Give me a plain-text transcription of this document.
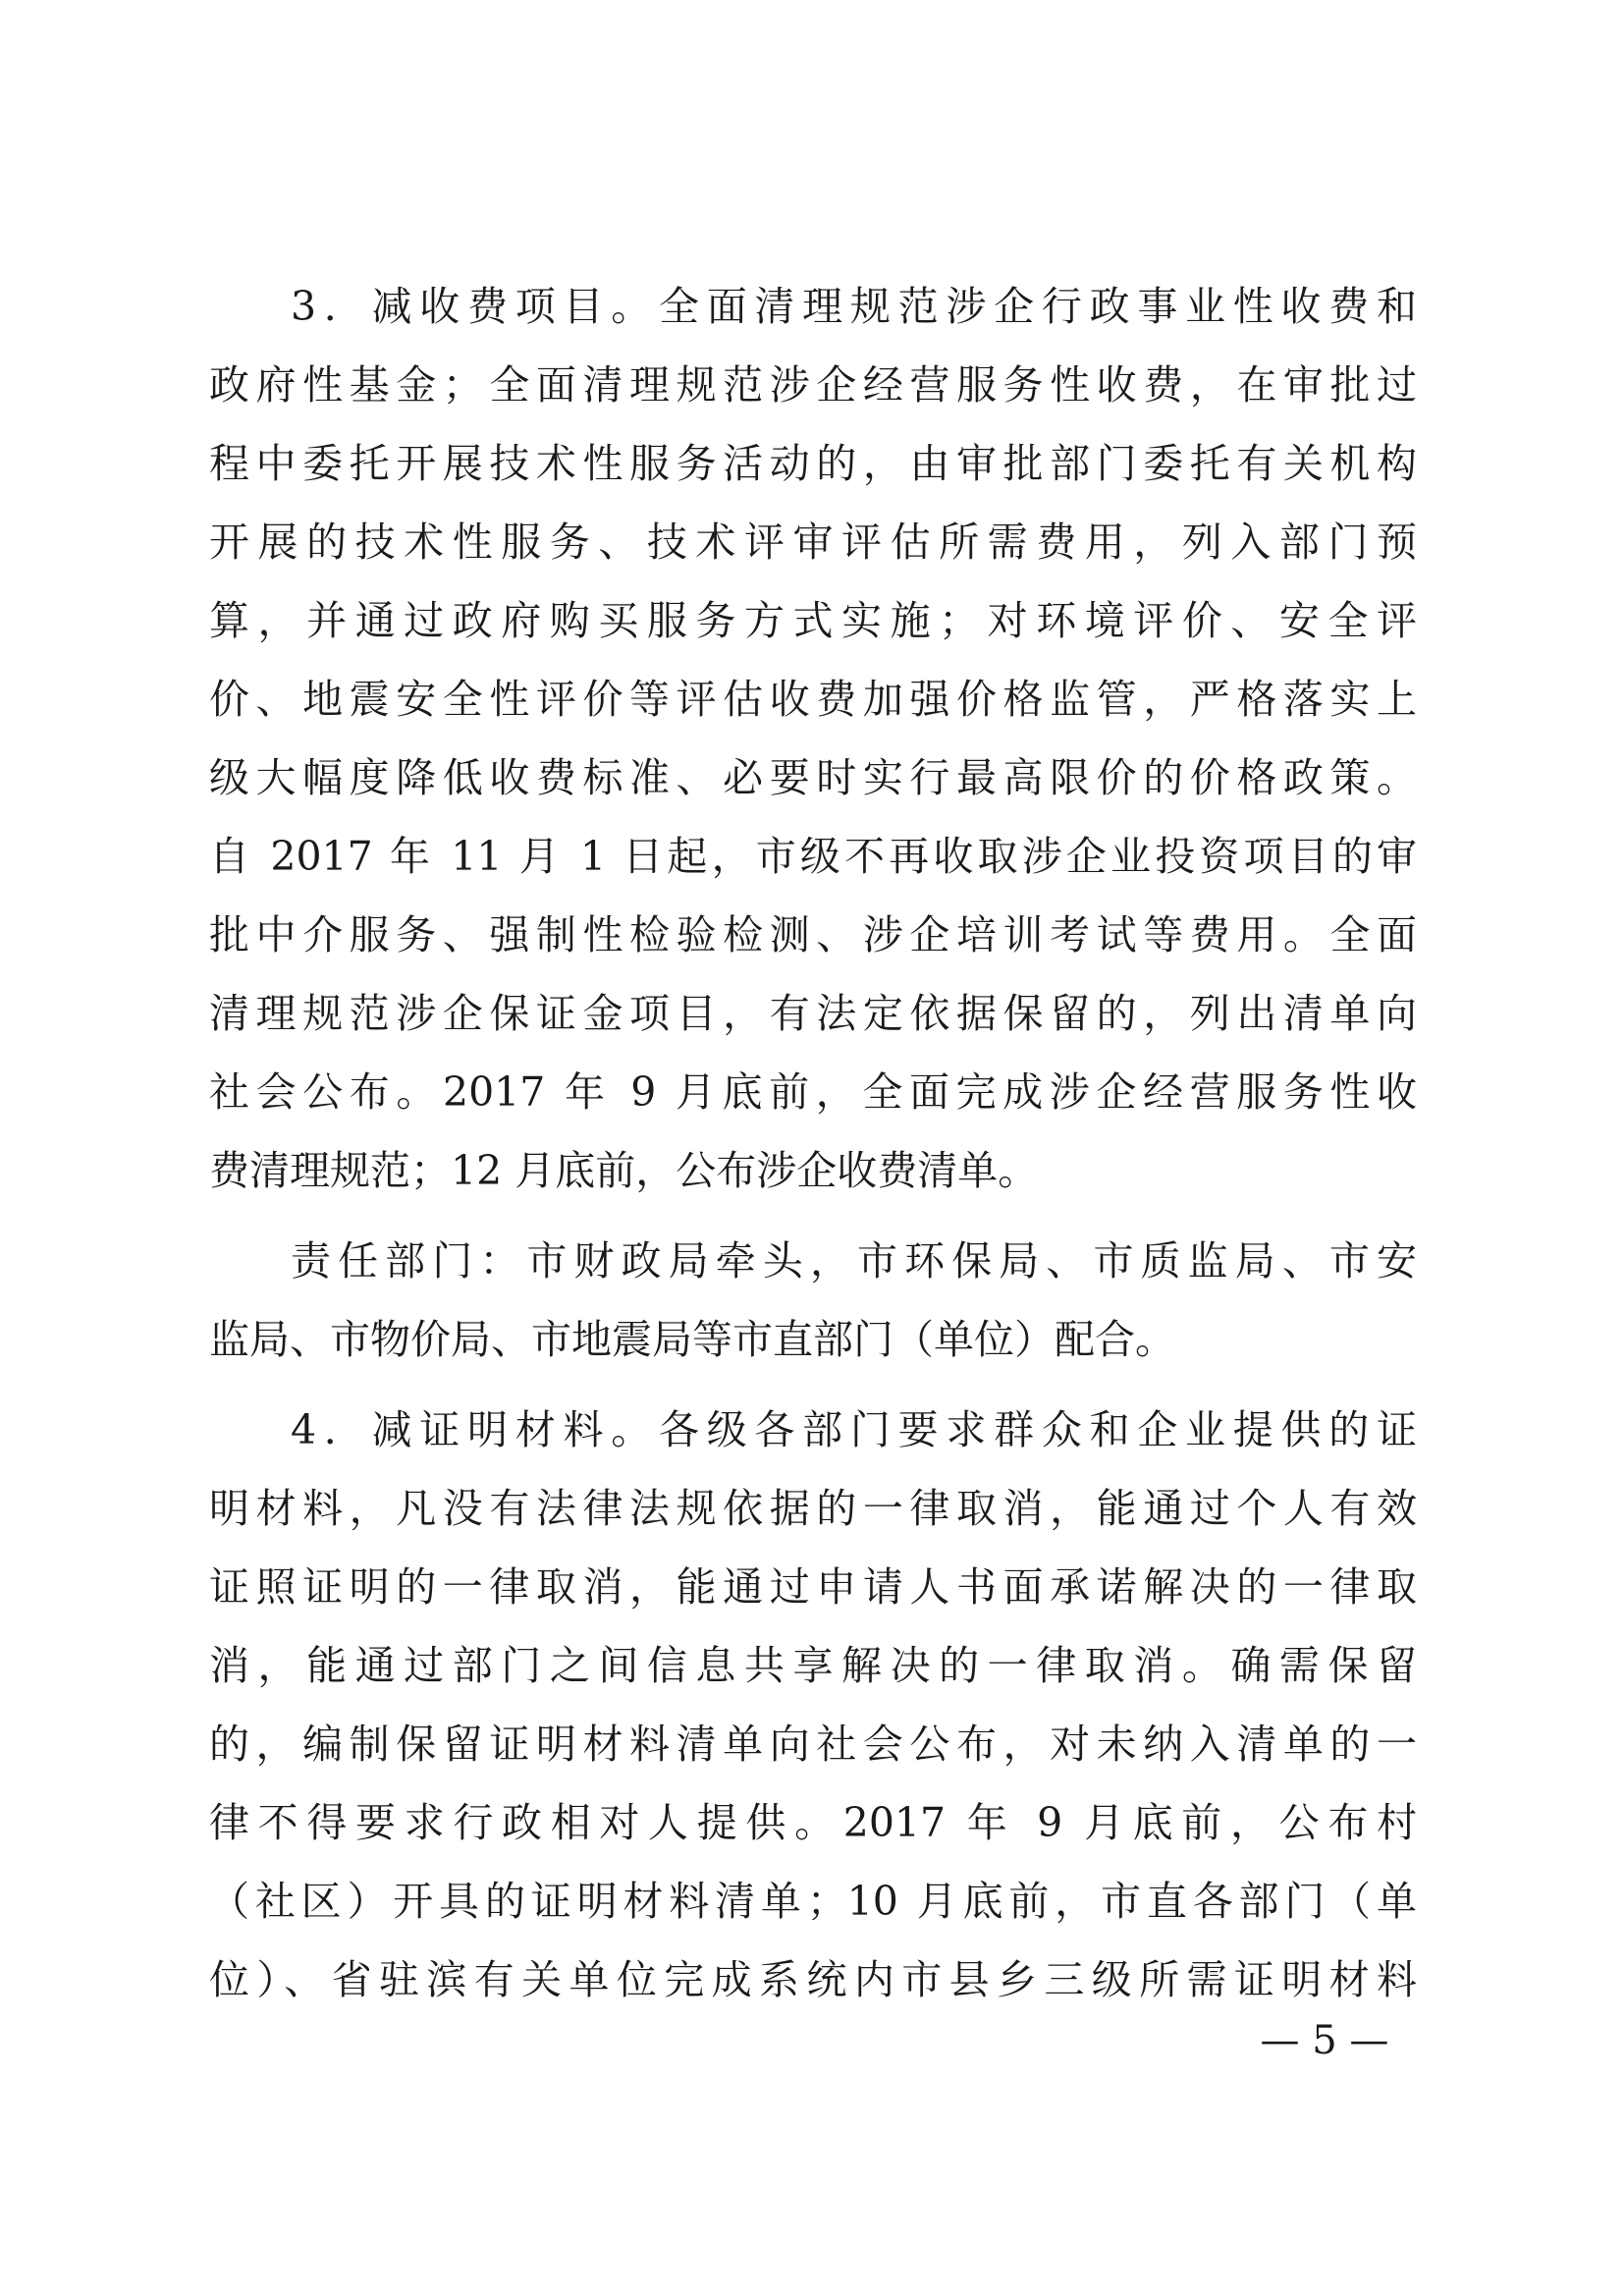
3．减收费项目。全面清理规范涉企行政事业性收费和
政府性基金；全面清理规范涉企经营服务性收费，在审批过
程中委托开展技术性服务活动的，由审批部门委托有关机构
开展的技术性服务、技术评审评估所需费用，列入部门预
算，并通过政府购买服务方式实施；对环境评价、安全评
价、地震安全性评价等评估收费加强价格监管，严格落实上
级大幅度降低收费标准、必要时实行最高限价的价格政策。
自 2017 年 11 月 1 日起，市级不再收取涉企业投资项目的审
批中介服务、强制性检验检测、涉企培训考试等费用。全面
清理规范涉企保证金项目，有法定依据保留的，列出清单向
社会公布。2017 年 9 月底前，全面完成涉企经营服务性收
费清理规范；12 月底前，公布涉企收费清单。
责任部门：市财政局牵头，市环保局、市质监局、市安
监局、市物价局、市地震局等市直部门（单位）配合。
4．减证明材料。各级各部门要求群众和企业提供的证
明材料，凡没有法律法规依据的一律取消，能通过个人有效
证照证明的一律取消，能通过申请人书面承诺解决的一律取
消，能通过部门之间信息共享解决的一律取消。确需保留
的，编制保留证明材料清单向社会公布，对未纳入清单的一
律不得要求行政相对人提供。2017 年 9 月底前，公布村
（社区）开具的证明材料清单；10 月底前，市直各部门（单
位）、省驻滨有关单位完成系统内市县乡三级所需证明材料
— 5 —
